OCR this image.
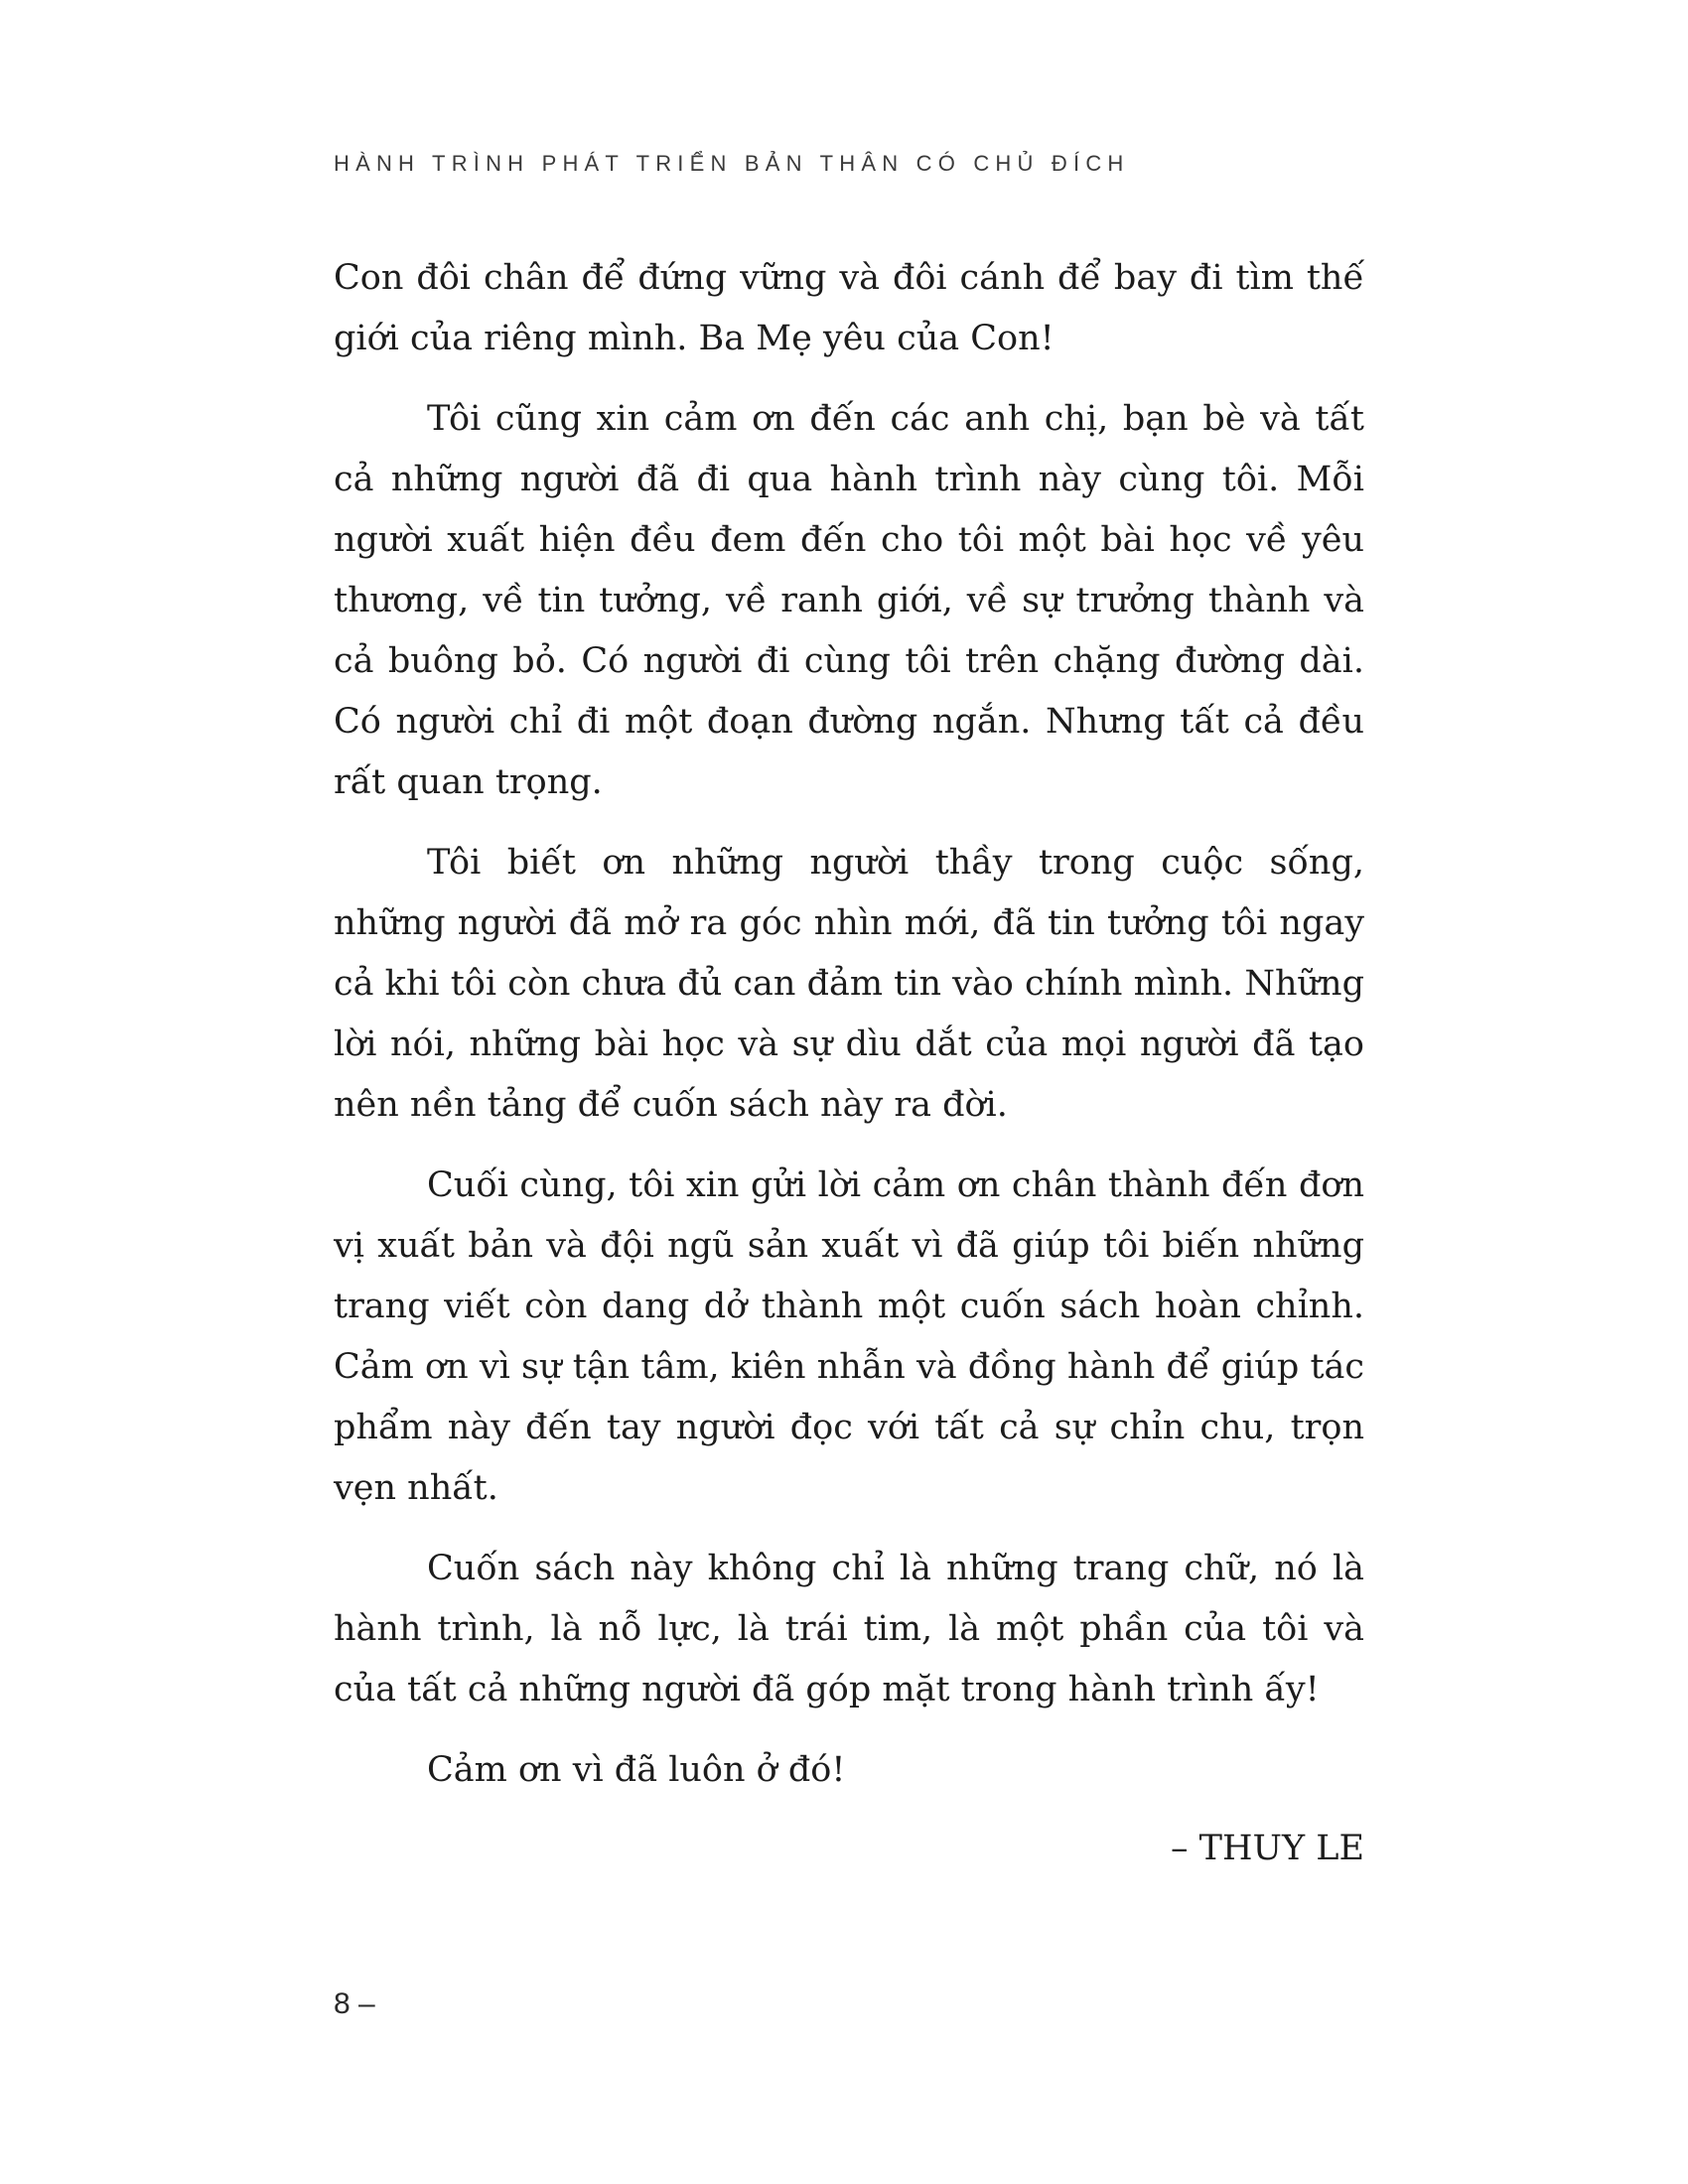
HÀNH TRÌNH PHÁT TRIỂN BẢN THÂN CÓ CHỦ ĐÍCH

Con đôi chân để đứng vững và đôi cánh để bay đi tìm thế giới của riêng mình. Ba Mẹ yêu của Con!

Tôi cũng xin cảm ơn đến các anh chị, bạn bè và tất cả những người đã đi qua hành trình này cùng tôi. Mỗi người xuất hiện đều đem đến cho tôi một bài học về yêu thương, về tin tưởng, về ranh giới, về sự trưởng thành và cả buông bỏ. Có người đi cùng tôi trên chặng đường dài. Có người chỉ đi một đoạn đường ngắn. Nhưng tất cả đều rất quan trọng.

Tôi biết ơn những người thầy trong cuộc sống, những người đã mở ra góc nhìn mới, đã tin tưởng tôi ngay cả khi tôi còn chưa đủ can đảm tin vào chính mình. Những lời nói, những bài học và sự dìu dắt của mọi người đã tạo nên nền tảng để cuốn sách này ra đời.

Cuối cùng, tôi xin gửi lời cảm ơn chân thành đến đơn vị xuất bản và đội ngũ sản xuất vì đã giúp tôi biến những trang viết còn dang dở thành một cuốn sách hoàn chỉnh. Cảm ơn vì sự tận tâm, kiên nhẫn và đồng hành để giúp tác phẩm này đến tay người đọc với tất cả sự chỉn chu, trọn vẹn nhất.

Cuốn sách này không chỉ là những trang chữ, nó là hành trình, là nỗ lực, là trái tim, là một phần của tôi và của tất cả những người đã góp mặt trong hành trình ấy!

Cảm ơn vì đã luôn ở đó!

– THUY LE

8 –
